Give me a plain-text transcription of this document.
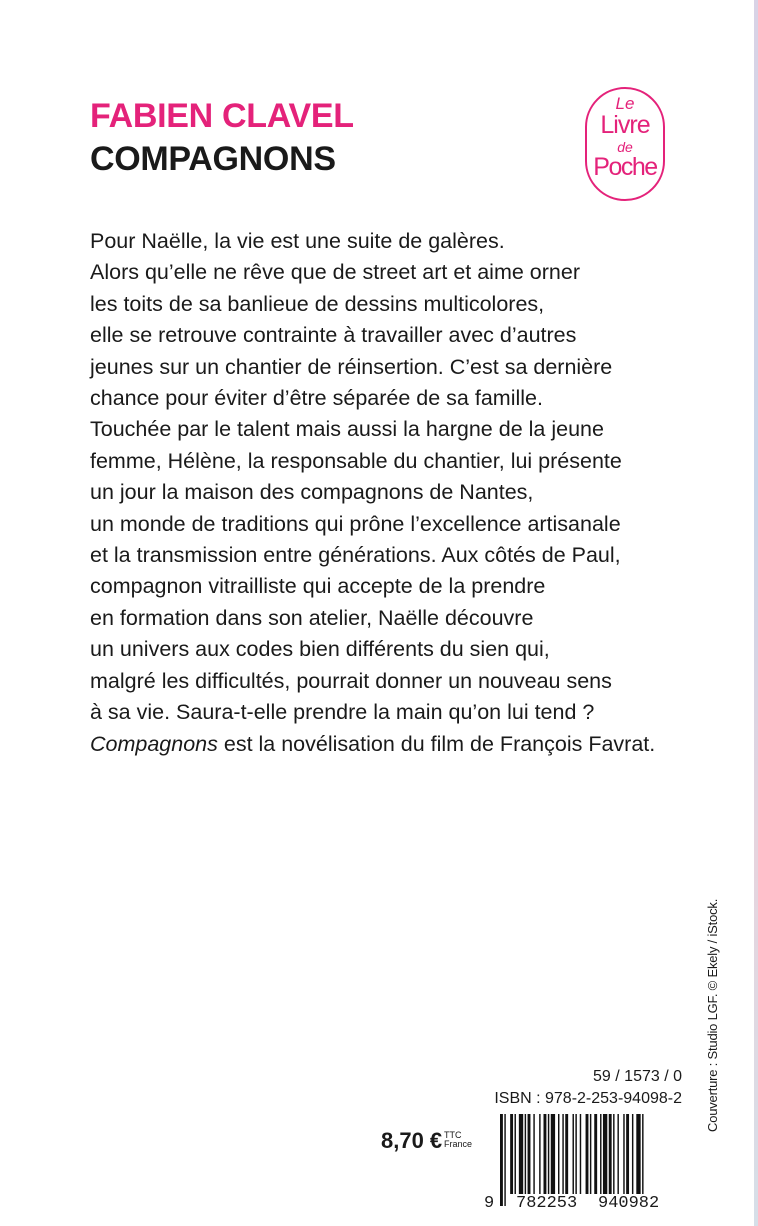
FABIEN CLAVEL
COMPAGNONS
Le
Livre
de
Poche
Pour Naëlle, la vie est une suite de galères.
Alors qu’elle ne rêve que de street art et aime orner
les toits de sa banlieue de dessins multicolores,
elle se retrouve contrainte à travailler avec d’autres
jeunes sur un chantier de réinsertion. C’est sa dernière
chance pour éviter d’être séparée de sa famille.
Touchée par le talent mais aussi la hargne de la jeune
femme, Hélène, la responsable du chantier, lui présente
un jour la maison des compagnons de Nantes,
un monde de traditions qui prône l’excellence artisanale
et la transmission entre générations. Aux côtés de Paul,
compagnon vitrailliste qui accepte de la prendre
en formation dans son atelier, Naëlle découvre
un univers aux codes bien différents du sien qui,
malgré les difficultés, pourrait donner un nouveau sens
à sa vie. Saura-t-elle prendre la main qu’on lui tend ?
Compagnons est la novélisation du film de François Favrat.
Couverture : Studio LGF. © Ekely / iStock.

59 / 1573 / 0

ISBN : 978-2-253-94098-2

8,70 € TTC
France
9 782253 940982
